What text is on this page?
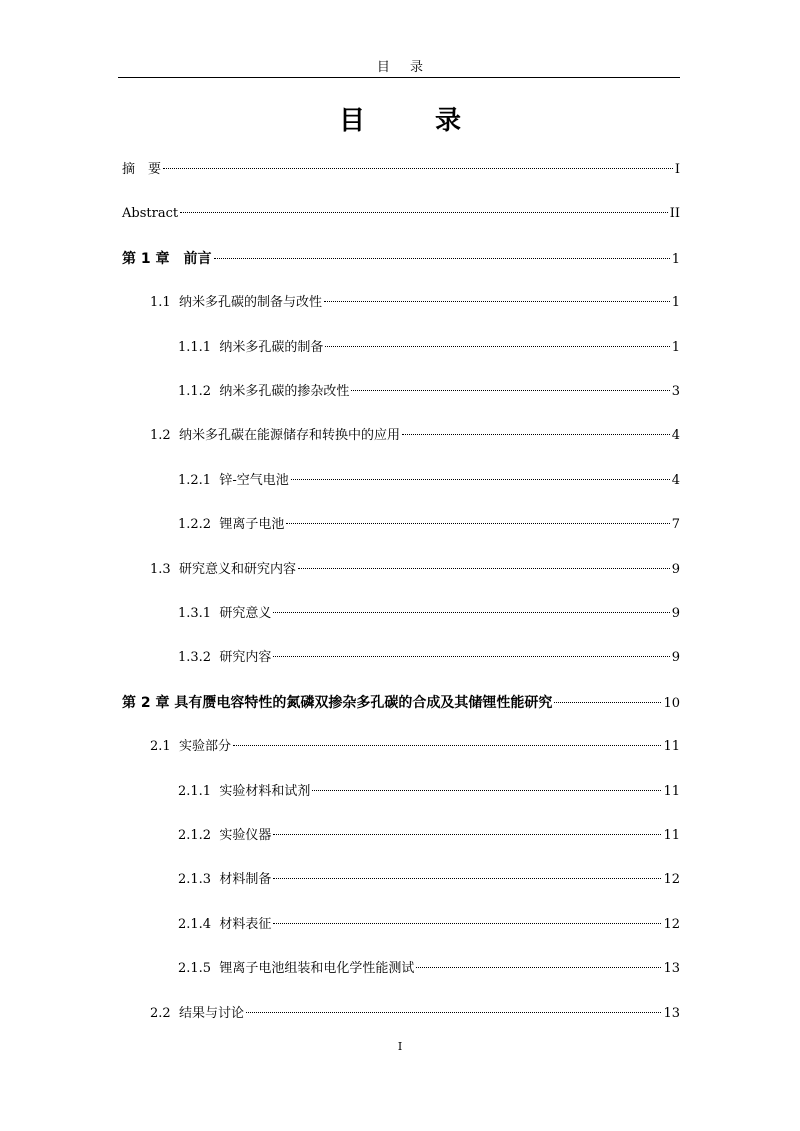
目 录
目　录
摘　要	I
Abstract	II
第 1 章　 前言	1
1.1 纳米多孔碳的制备与改性	1
1.1.1 纳米多孔碳的制备	1
1.1.2 纳米多孔碳的掺杂改性	3
1.2 纳米多孔碳在能源储存和转换中的应用	4
1.2.1 锌-空气电池	4
1.2.2 锂离子电池	7
1.3 研究意义和研究内容	9
1.3.1 研究意义	9
1.3.2 研究内容	9
第 2 章 具有赝电容特性的氮磷双掺杂多孔碳的合成及其储锂性能研究	10
2.1 实验部分	11
2.1.1 实验材料和试剂	11
2.1.2 实验仪器	11
2.1.3 材料制备	12
2.1.4 材料表征	12
2.1.5 锂离子电池组装和电化学性能测试	13
2.2 结果与讨论	13
I
